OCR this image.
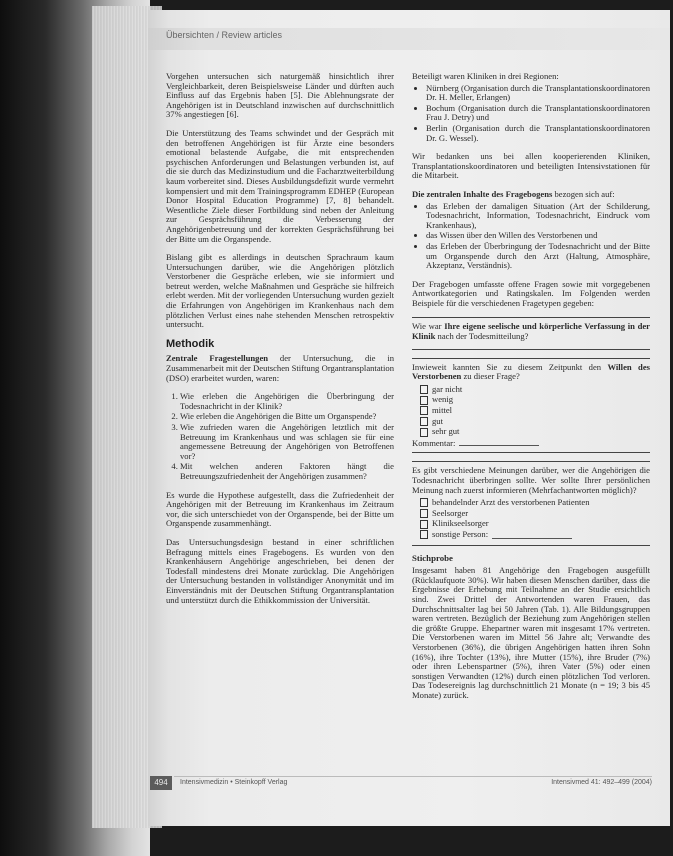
Übersichten / Review articles

Vorgehen untersuchen sich naturgemäß hinsichtlich ihrer Vergleichbarkeit, deren Beispielsweise Länder und dürften auch Einfluss auf das Ergebnis haben [5]. Die Ablehnungsrate der Angehörigen ist in Deutschland inzwischen auf durchschnittlich 37% angestiegen [6].

Die Unterstützung des Teams schwindet und der Gespräch mit den betroffenen Angehörigen ist für Ärzte eine besonders emotional belastende Aufgabe, die mit entsprechenden psychischen Anforderungen und Belastungen verbunden ist, auf die sie durch das Medizinstudium und die Facharztweiterbildung kaum vorbereitet sind. Dieses Ausbildungsdefizit wurde vermehrt kompensiert und mit dem Trainingsprogramm EDHEP (European Donor Hospital Education Programme) [7, 8] behandelt. Wesentliche Ziele dieser Fortbildung sind neben der Anleitung zur Gesprächsführung die Verbesserung der Angehörigenbetreuung und der korrekten Gesprächsführung bei der Bitte um die Organspende.

Bislang gibt es allerdings in deutschen Sprachraum kaum Untersuchungen darüber, wie die Angehörigen plötzlich Verstorbener die Gespräche erleben, wie sie informiert und betreut werden, welche Maßnahmen und Gespräche sie hilfreich erlebt werden. Mit der vorliegenden Untersuchung wurden gezielt die Erfahrungen von Angehörigen im Krankenhaus nach dem plötzlichen Verlust eines nahe stehenden Menschen retrospektiv untersucht.

Methodik

Zentrale Fragestellungen der Untersuchung, die in Zusammenarbeit mit der Deutschen Stiftung Organtransplantation (DSO) erarbeitet wurden, waren:

1. Wie erleben die Angehörigen die Überbringung der Todesnachricht in der Klinik?
2. Wie erleben die Angehörigen die Bitte um Organspende?
3. Wie zufrieden waren die Angehörigen letztlich mit der Betreuung im Krankenhaus und was schlagen sie für eine angemessene Betreuung der Angehörigen von Betroffenen vor?
4. Mit welchen anderen Faktoren hängt die Betreuungszufriedenheit der Angehörigen zusammen?

Es wurde die Hypothese aufgestellt, dass die Zufriedenheit der Angehörigen mit der Betreuung im Krankenhaus im Zeitraum vor, die sich unterschiedet von der Organspende, bei der Bitte um Organspende zusammenhängt.

Das Untersuchungsdesign bestand in einer schriftlichen Befragung mittels eines Fragebogens. Es wurden von den Krankenhäusern Angehörige angeschrieben, bei denen der Todesfall mindestens drei Monate zurücklag. Die Angehörigen der Untersuchung bestanden in vollständiger Anonymität und im Einverständnis mit der Deutschen Stiftung Organtransplantation und unterstützt durch die Ethikkommission der Universität.

Beteiligt waren Kliniken in drei Regionen:

• Nürnberg (Organisation durch die Transplantationskoordinatoren Dr. H. Meller, Erlangen)
• Bochum (Organisation durch die Transplantationskoordinatoren Frau J. Detry) und
• Berlin (Organisation durch die Transplantationskoordinatoren Dr. G. Wessel).

Wir bedanken uns bei allen kooperierenden Kliniken, Transplantationskoordinatoren und beteiligten Intensivstationen für die Mitarbeit.

Die zentralen Inhalte des Fragebogens bezogen sich auf:

• das Erleben der damaligen Situation (Art der Schilderung, Todesnachricht, Information, Todesnachricht, Eindruck vom Krankenhaus),
• das Wissen über den Willen des Verstorbenen und
• das Erleben der Überbringung der Todesnachricht und der Bitte um Organspende durch den Arzt (Haltung, Atmosphäre, Akzeptanz, Verständnis).

Der Fragebogen umfasste offene Fragen sowie mit vorgegebenen Antwortkategorien und Ratingskalen. Im Folgenden werden Beispiele für die verschiedenen Fragetypen gegeben:

Wie war Ihre eigene seelische und körperliche Verfassung in der Klinik nach der Todesmitteilung?
Inwieweit kannten Sie zu diesem Zeitpunkt den Willen des Verstorbenen zu dieser Frage?
gar nicht
wenig
mittel
gut
sehr gut
Kommentar:
Es gibt verschiedene Meinungen darüber, wer die Angehörigen die Todesnachricht überbringen sollte. Wer sollte Ihrer persönlichen Meinung nach zuerst informieren (Mehrfachantworten möglich)?
behandelnder Arzt des verstorbenen Patienten
Seelsorger
Klinikseelsorger
sonstige Person:
Stichprobe

Insgesamt haben 81 Angehörige den Fragebogen ausgefüllt (Rücklaufquote 30%). Wir haben diesen Menschen darüber, dass die Ergebnisse der Erhebung mit Teilnahme an der Studie ersichtlich sind. Zwei Drittel der Antwortenden waren Frauen, das Durchschnittsalter lag bei 50 Jahren (Tab. 1). Alle Bildungsgruppen waren vertreten. Bezüglich der Beziehung zum Angehörigen stellen die größte Gruppe. Ehepartner waren mit insgesamt 17% vertreten. Die Verstorbenen waren im Mittel 56 Jahre alt; Verwandte des Verstorbenen (36%), die übrigen Angehörigen hatten ihren Sohn (16%), ihre Tochter (13%), ihre Mutter (15%), ihre Bruder (7%) oder ihren Lebenspartner (5%), ihren Vater (5%) oder einen sonstigen Verwandten (12%) durch einen plötzlichen Tod verloren. Das Todesereignis lag durchschnittlich 21 Monate (n = 19; 3 bis 45 Monate) zurück.

494	Intensivmedizin • Steinkopff Verlag	Intensivmed 41: 492–499 (2004)
